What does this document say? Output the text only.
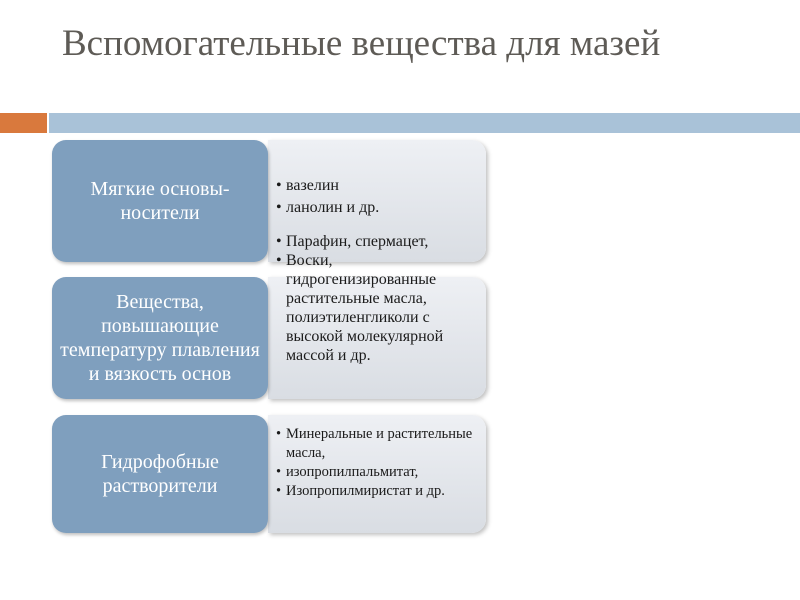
Вспомогательные вещества для мазей
Мягкие основы-носители
Вещества, повышающие температуру плавления и вязкость основ
Гидрофобные растворители
• вазелин
• ланолин и др.
• Парафин, спермацет,
• Воски, гидрогенизированные растительные масла, полиэтиленгликоли с высокой молекулярной массой и др.
• Минеральные и растительные масла,
• изопропилпальмитат,
• Изопропилмиристат и др.
